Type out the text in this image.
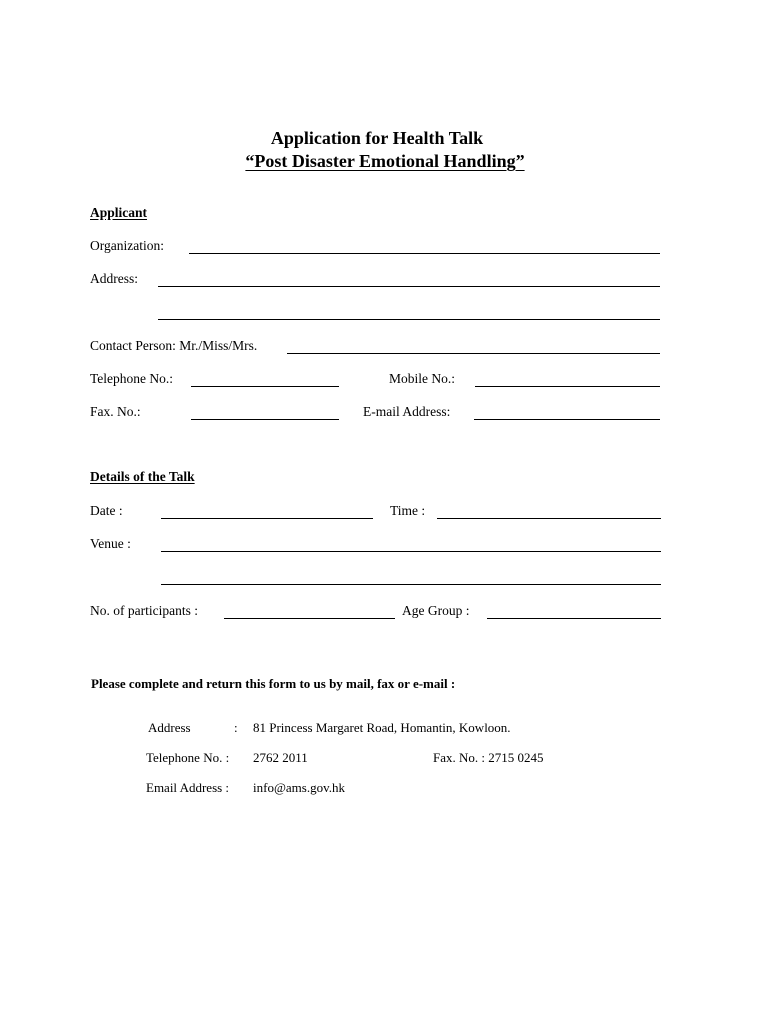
Application for Health Talk
“Post Disaster Emotional Handling”
Applicant
Organization:
Address:
Contact Person: Mr./Miss/Mrs.
Telephone No.:	Mobile No.:
Fax. No.:	E-mail Address:
Details of the Talk
Date :	Time :
Venue :
No. of participants :	Age Group :
Please complete and return this form to us by mail, fax or e-mail :
Address	: 81 Princess Margaret Road, Homantin, Kowloon.
Telephone No. : 2762 2011	Fax. No. : 2715 0245
Email Address : info@ams.gov.hk
